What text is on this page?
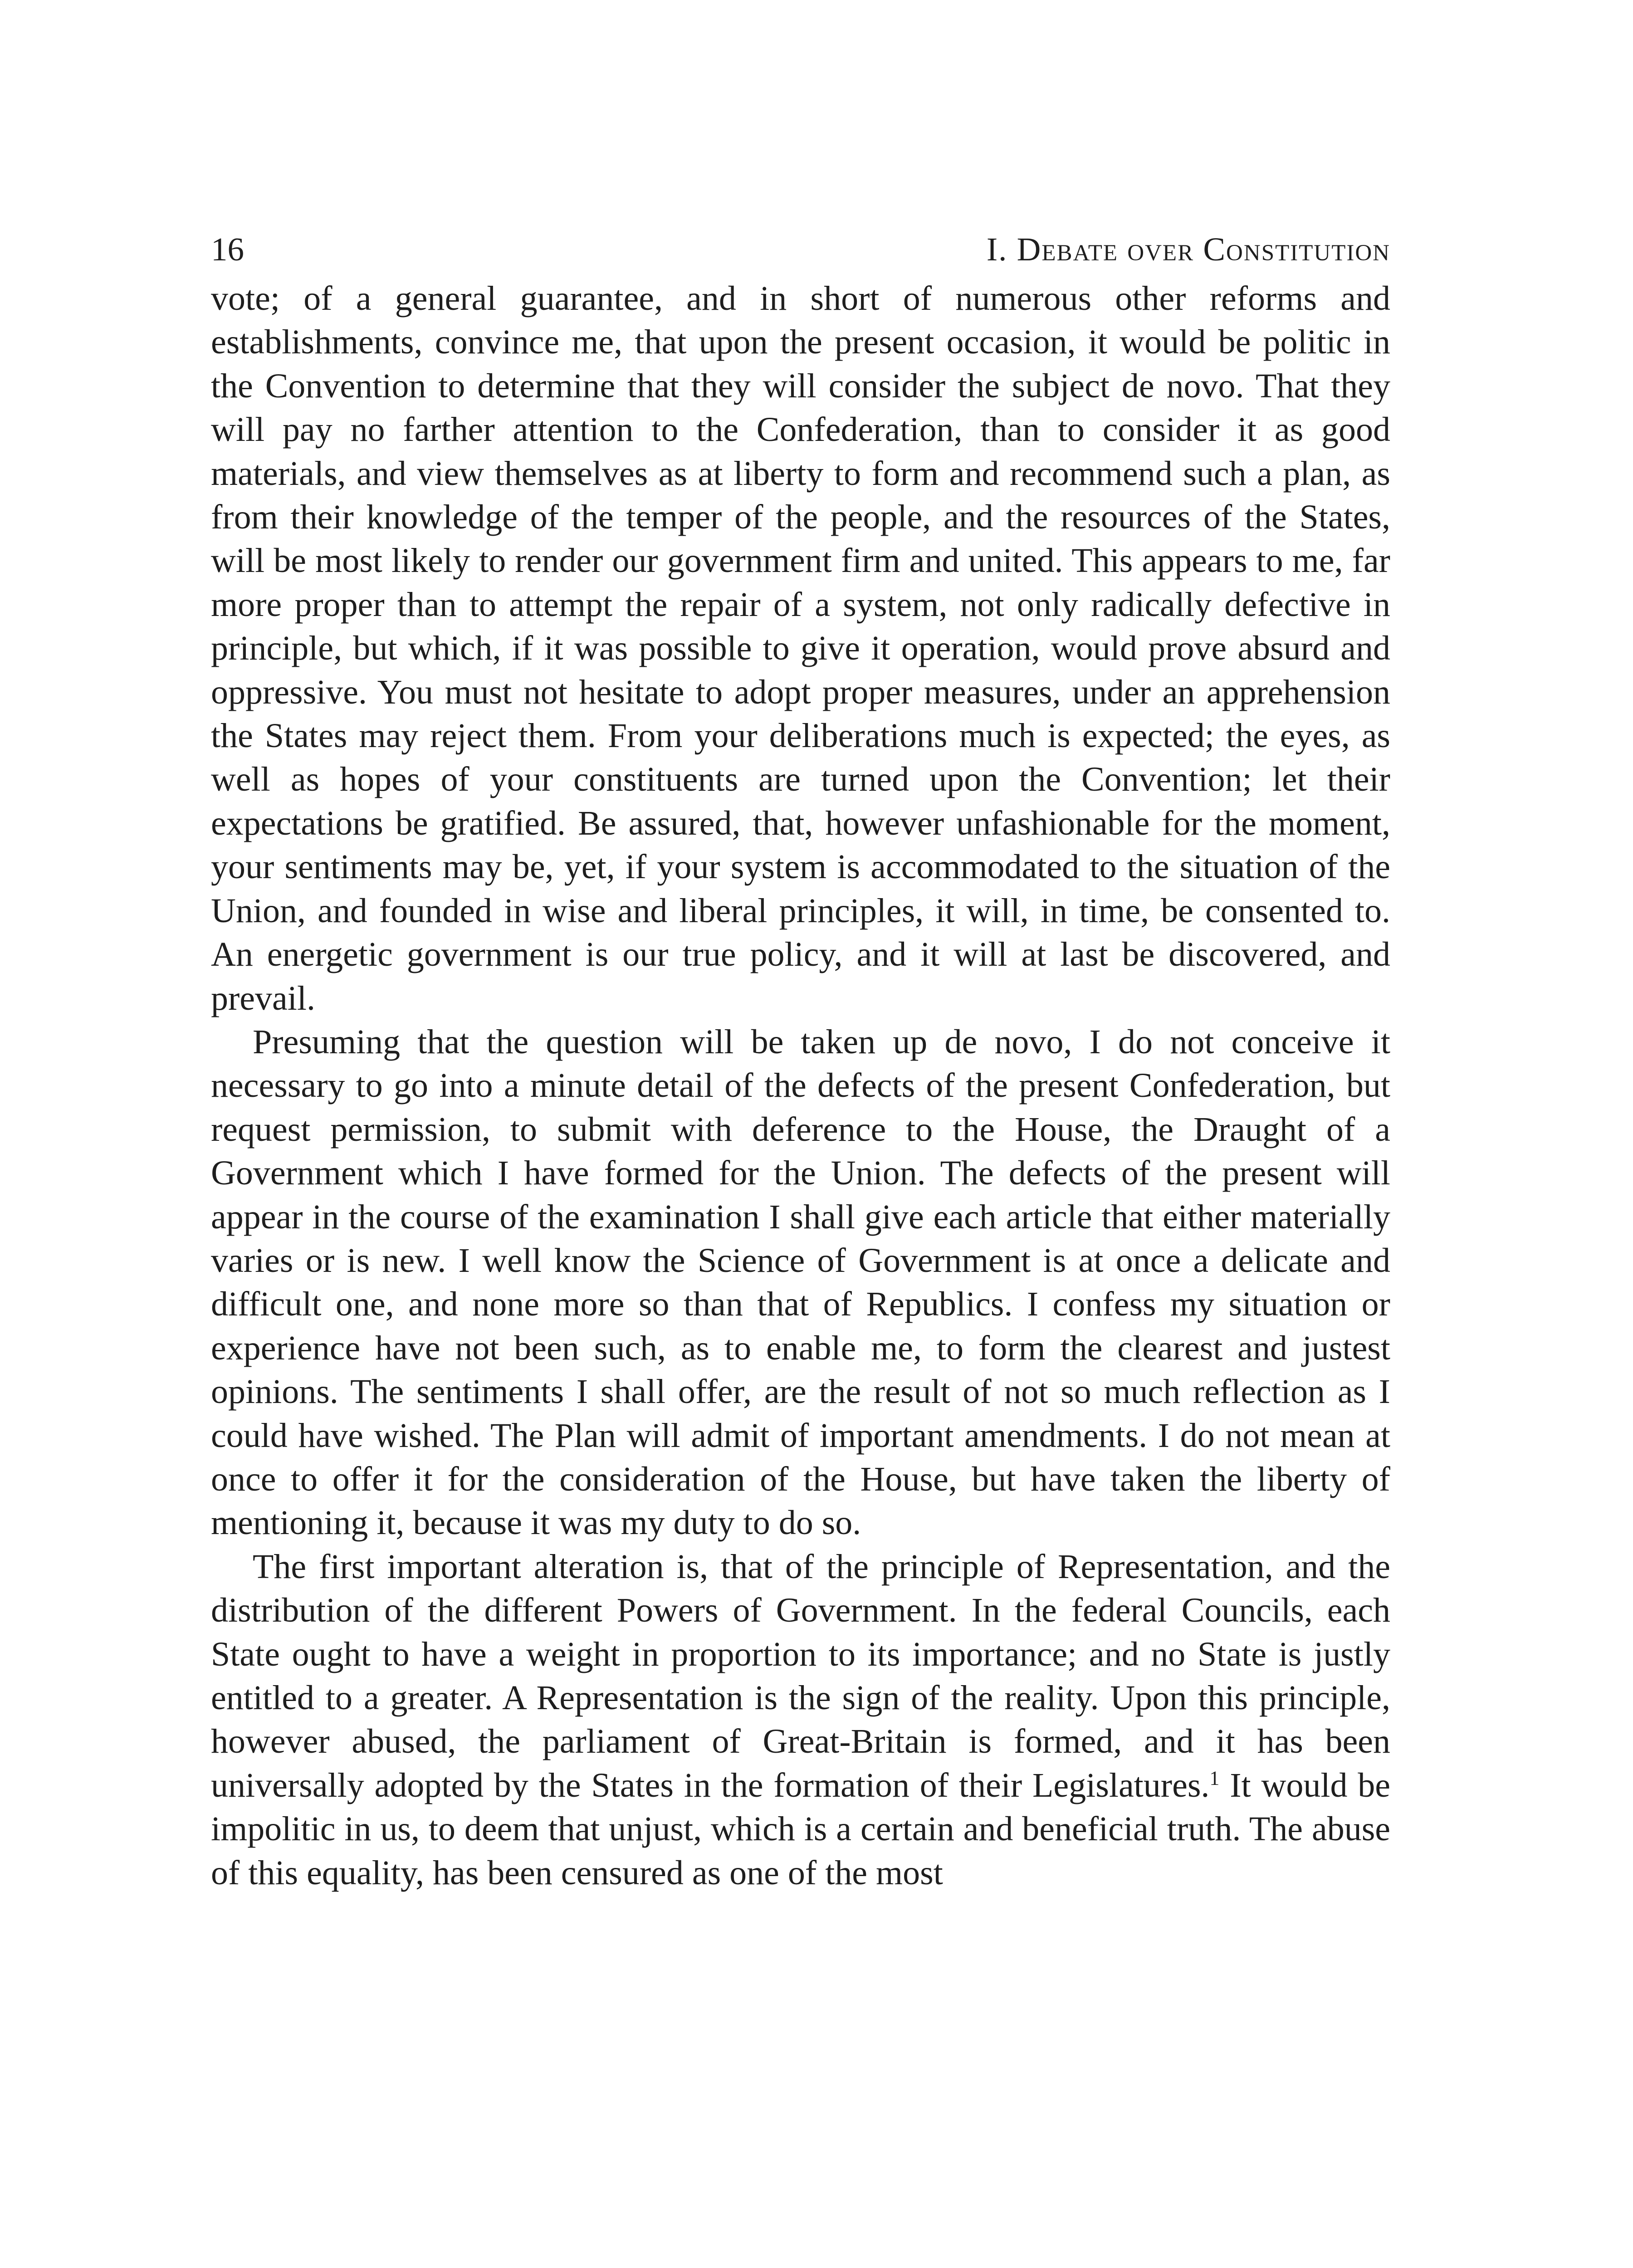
16	I. Debate over Constitution

vote; of a general guarantee, and in short of numerous other reforms and establishments, convince me, that upon the present occasion, it would be politic in the Convention to determine that they will consider the subject de novo. That they will pay no farther attention to the Confederation, than to consider it as good materials, and view themselves as at liberty to form and recommend such a plan, as from their knowledge of the temper of the people, and the resources of the States, will be most likely to render our government firm and united. This appears to me, far more proper than to attempt the repair of a system, not only radically defective in principle, but which, if it was possible to give it operation, would prove absurd and oppressive. You must not hesitate to adopt proper measures, under an apprehension the States may reject them. From your deliberations much is expected; the eyes, as well as hopes of your constituents are turned upon the Convention; let their expectations be gratified. Be assured, that, however unfashionable for the moment, your sentiments may be, yet, if your system is accommodated to the situation of the Union, and founded in wise and liberal principles, it will, in time, be consented to. An energetic government is our true policy, and it will at last be discovered, and prevail.

Presuming that the question will be taken up de novo, I do not conceive it necessary to go into a minute detail of the defects of the present Confederation, but request permission, to submit with deference to the House, the Draught of a Government which I have formed for the Union. The defects of the present will appear in the course of the examination I shall give each article that either materially varies or is new. I well know the Science of Government is at once a delicate and difficult one, and none more so than that of Republics. I confess my situation or experience have not been such, as to enable me, to form the clearest and justest opinions. The sentiments I shall offer, are the result of not so much reflection as I could have wished. The Plan will admit of important amendments. I do not mean at once to offer it for the consideration of the House, but have taken the liberty of mentioning it, because it was my duty to do so.

The first important alteration is, that of the principle of Representation, and the distribution of the different Powers of Government. In the federal Councils, each State ought to have a weight in proportion to its importance; and no State is justly entitled to a greater. A Representation is the sign of the reality. Upon this principle, however abused, the parliament of Great-Britain is formed, and it has been universally adopted by the States in the formation of their Legislatures.$^1$ It would be impolitic in us, to deem that unjust, which is a certain and beneficial truth. The abuse of this equality, has been censured as one of the most
